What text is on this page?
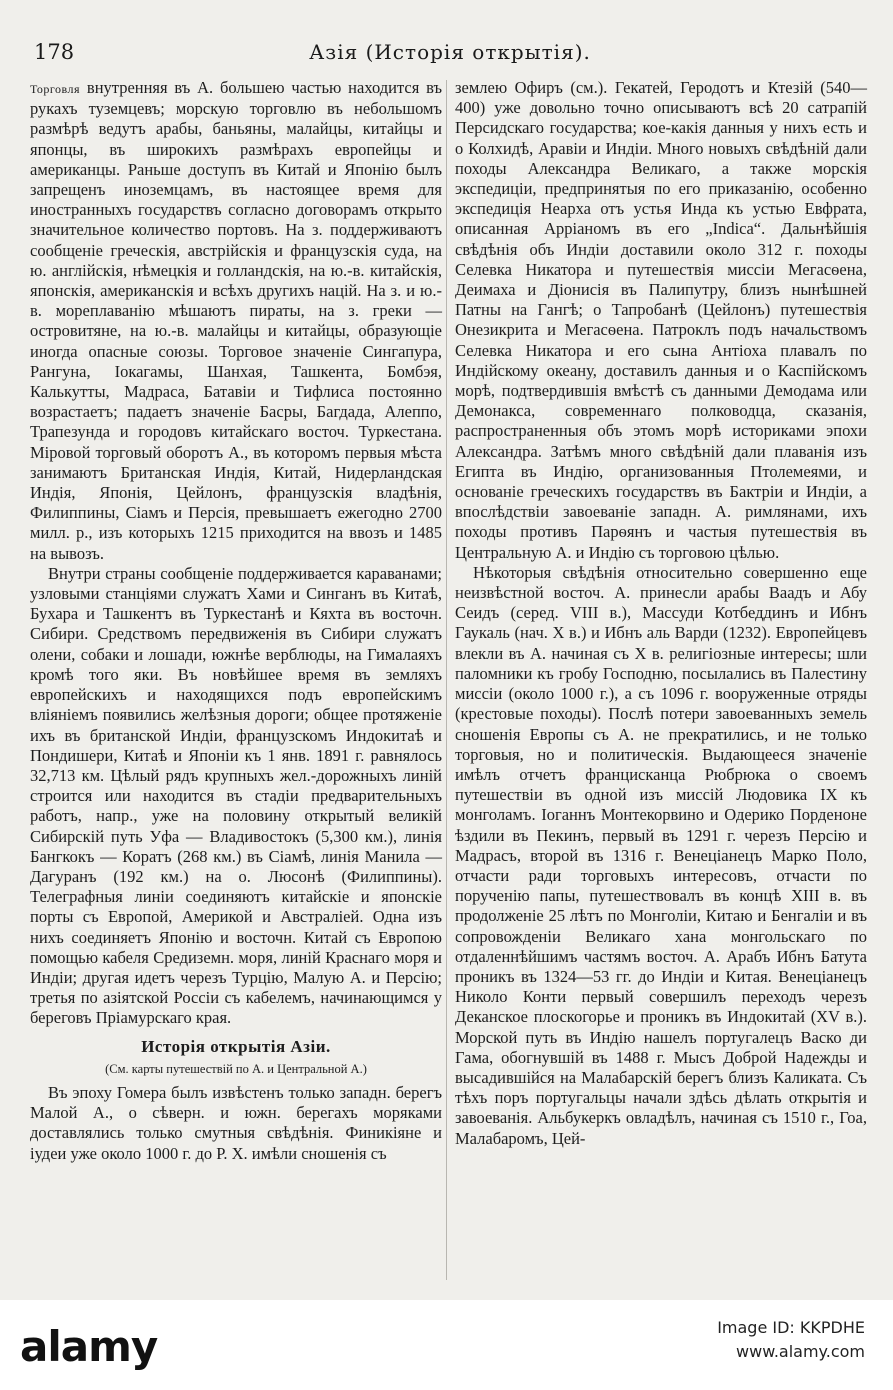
178	Азія (Исторія открытія).

Торговля внутренняя въ А. большею частью находится въ рукахъ туземцевъ; морскую торговлю въ небольшомъ размѣрѣ ведутъ арабы, баньяны, малайцы, китайцы и японцы, въ широкихъ размѣрахъ европейцы и американцы. Раньше доступъ въ Китай и Японію былъ запрещенъ иноземцамъ, въ настоящее время для иностранныхъ государствъ согласно договорамъ открыто значительное количество портовъ. На з. поддерживаютъ сообщеніе греческія, австрійскія и французскія суда, на ю. англійскія, нѣмецкія и голландскія, на ю.-в. китайскія, японскія, американскія и всѣхъ другихъ націй. На з. и ю.-в. мореплаванію мѣшаютъ пираты, на з. греки — островитяне, на ю.-в. малайцы и китайцы, образующіе иногда опасные союзы. Торговое значеніе Сингапура, Рангуна, Іокагамы, Шанхая, Ташкента, Бомбэя, Калькутты, Мадраса, Батавіи и Тифлиса постоянно возрастаетъ; падаетъ значеніе Басры, Багдада, Алеппо, Трапезунда и городовъ китайскаго восточ. Туркестана. Міровой торговый оборотъ А., въ которомъ первыя мѣста занимаютъ Британская Индія, Китай, Нидерландская Индія, Японія, Цейлонъ, французскія владѣнія, Филиппины, Сіамъ и Персія, превышаетъ ежегодно 2700 милл. р., изъ которыхъ 1215 приходится на ввозъ и 1485 на вывозъ.

Внутри страны сообщеніе поддерживается караванами; узловыми станціями служатъ Хами и Синганъ въ Китаѣ, Бухара и Ташкентъ въ Туркестанѣ и Кяхта въ восточн. Сибири. Средствомъ передвиженія въ Сибири служатъ олени, собаки и лошади, южнѣе верблюды, на Гималаяхъ кромѣ того яки. Въ новѣйшее время въ земляхъ европейскихъ и находящихся подъ европейскимъ вліяніемъ появились желѣзныя дороги; общее протяженіе ихъ въ британской Индіи, французскомъ Индокитаѣ и Пондишери, Китаѣ и Японіи къ 1 янв. 1891 г. равнялось 32,713 км. Цѣлый рядъ крупныхъ жел.-дорожныхъ линій строится или находится въ стадіи предварительныхъ работъ, напр., уже на половину открытый великій Сибирскій путь Уфа — Владивостокъ (5,300 км.), линія Бангкокъ — Коратъ (268 км.) въ Сіамѣ, линія Манила — Дагуранъ (192 км.) на о. Люсонѣ (Филиппины). Телеграфныя линіи соединяютъ китайскіе и японскіе порты съ Европой, Америкой и Австраліей. Одна изъ нихъ соединяетъ Японію и восточн. Китай съ Европою помощью кабеля Средиземн. моря, линій Краснаго моря и Индіи; другая идетъ черезъ Турцію, Малую А. и Персію; третья по азіятской Россіи съ кабелемъ, начинающимся у береговъ Пріамурскаго края.

Исторія открытія Азіи.
(См. карты путешествій по А. и Центральной А.)

Въ эпоху Гомера былъ извѣстенъ только западн. берегъ Малой А., о сѣверн. и южн. берегахъ моряками доставлялись только смутныя свѣдѣнія. Финикіяне и іудеи уже около 1000 г. до Р. Х. имѣли сношенія съ

землею Офиръ (см.). Гекатей, Геродотъ и Ктезій (540—400) уже довольно точно описываютъ всѣ 20 сатрапій Персидскаго государства; кое-какія данныя у нихъ есть и о Колхидѣ, Аравіи и Индіи. Много новыхъ свѣдѣній дали походы Александра Великаго, а также морскія экспедиціи, предпринятыя по его приказанію, особенно экспедиція Неарха отъ устья Инда къ устью Евфрата, описанная Арріаномъ въ его „Indica“. Дальнѣйшія свѣдѣнія объ Индіи доставили около 312 г. походы Селевка Никатора и путешествія миссіи Мегасѳена, Деимаха и Діонисія въ Палипутру, близъ нынѣшней Патны на Гангѣ; о Тапробанѣ (Цейлонъ) путешествія Онезикрита и Мегасѳена. Патроклъ подъ начальствомъ Селевка Никатора и его сына Антіоха плавалъ по Индійскому океану, доставилъ данныя и о Каспійскомъ морѣ, подтвердившія вмѣстѣ съ данными Демодама или Демонакса, современнаго полководца, сказанія, распространенныя объ этомъ морѣ историками эпохи Александра. Затѣмъ много свѣдѣній дали плаванія изъ Египта въ Индію, организованныя Птолемеями, и основаніе греческихъ государствъ въ Бактріи и Индіи, а впослѣдствіи завоеваніе западн. А. римлянами, ихъ походы противъ Парѳянъ и частыя путешествія въ Центральную А. и Индію съ торговою цѣлью.

Нѣкоторыя свѣдѣнія относительно совершенно еще неизвѣстной восточ. А. принесли арабы Ваадъ и Абу Сеидъ (серед. VIII в.), Массуди Котбеддинъ и Ибнъ Гаукаль (нач. X в.) и Ибнъ аль Варди (1232). Европейцевъ влекли въ А. начиная съ X в. религіозные интересы; шли паломники къ гробу Господню, посылались въ Палестину миссіи (около 1000 г.), а съ 1096 г. вооруженные отряды (крестовые походы). Послѣ потери завоеванныхъ земель сношенія Европы съ А. не прекратились, и не только торговыя, но и политическія. Выдающееся значеніе имѣлъ отчетъ францисканца Рюбрюка о своемъ путешествіи въ одной изъ миссій Людовика IX къ монголамъ. Іоганнъ Монтекорвино и Одерико Порденоне ѣздили въ Пекинъ, первый въ 1291 г. черезъ Персію и Мадрасъ, второй въ 1316 г. Венеціанецъ Марко Поло, отчасти ради торговыхъ интересовъ, отчасти по порученію папы, путешествовалъ въ концѣ XIII в. въ продолженіе 25 лѣтъ по Монголіи, Китаю и Бенгаліи и въ сопровожденіи Великаго хана монгольскаго по отдаленнѣйшимъ частямъ восточ. А. Арабъ Ибнъ Батута проникъ въ 1324—53 гг. до Индіи и Китая. Венеціанецъ Николо Конти первый совершилъ переходъ черезъ Деканское плоскогорье и проникъ въ Индокитай (XV в.). Морской путь въ Индію нашелъ португалецъ Васко ди Гама, обогнувшій въ 1488 г. Мысъ Доброй Надежды и высадившійся на Малабарскій берегъ близъ Каликата. Съ тѣхъ поръ португальцы начали здѣсь дѣлать открытія и завоеванія. Альбукеркъ овладѣлъ, начиная съ 1510 г., Гоа, Малабаромъ, Цей-

alamy	Image ID: KKPDHE
www.alamy.com
